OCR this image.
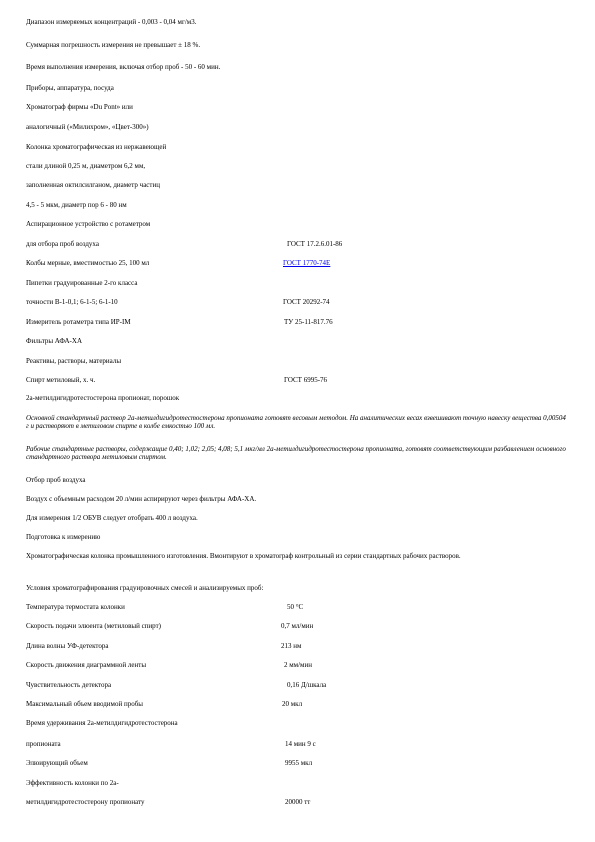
Диапазон измеряемых концентраций - 0,003 - 0,04 мг/м3.
Суммарная погрешность измерения не превышает ± 18 %.
Время выполнения измерения, включая отбор проб - 50 - 60 мин.
Приборы, аппаратура, посуда
Хроматограф фирмы «Du Pont» или
аналогичный («Милихром», «Цвет-300»)
Колонка хроматографическая из нержавеющей
стали длиной 0,25 м, диаметром 6,2 мм,
заполненная октилсилганом, диаметр частиц
4,5 - 5 мкм, диаметр пор 6 - 80 нм
Аспирационное устройство с ротаметром
для отбора проб воздуха	ГОСТ 17.2.6.01-86
Колбы мерные, вместимостью 25, 100 мл	ГОСТ 1770-74Е
Пипетки градуированные 2-го класса
точности В-1-0,1; 6-1-5; 6-1-10	ГОСТ 20292-74
Измеритель ротаметра типа ИР-IM	ТУ 25-11-817.76
Фильтры АФА-ХА
Реактивы, растворы, материалы
Спирт метиловый, х. ч.	ГОСТ 6995-76
2а-метилдигидротестостерона пропионат, порошок
Основной стандартный раствор 2а-метилдигидротестостерона пропионата готовят весовым методом. На аналитических весах взвешивают точную навеску вещества 0,00504 г и растворяют в метиловом спирте в колбе емкостью 100 мл.
Рабочие стандартные растворы, содержащие 0,40; 1,02; 2,05; 4,08; 5,1 мкг/мл 2а-метилдигидротестостерона пропионата, готовят соответствующим разбавлением основного стандартного раствора метиловым спиртом.
Отбор проб воздуха
Воздух с объемным расходом 20 л/мин аспирируют через фильтры АФА-ХА.
Для измерения 1/2 ОБУВ следует отобрать 400 л воздуха.
Подготовка к измерению
Хроматографическая колонка промышленного изготовления. Вмонтируют в хроматограф контрольный из серии стандартных рабочих растворов.
Условия хроматографирования градуировочных смесей и анализируемых проб:
Температура термостата колонки	50 °С
Скорость подачи элюента (метиловый спирт)	0,7 мл/мин
Длина волны УФ-детектора	213 нм
Скорость движения диаграммной ленты	2 мм/мин
Чувствительность детектора	0,16 Д/шкала
Максимальный объем вводимой пробы	20 мкл
Время удерживания 2а-метилдигидротестостерона
пропионата	14 мин 9 с
Элюирующий объем	9955 мкл
Эффективность колонки по 2а-
метилдигидротестостерону пропионату	20000 тт
